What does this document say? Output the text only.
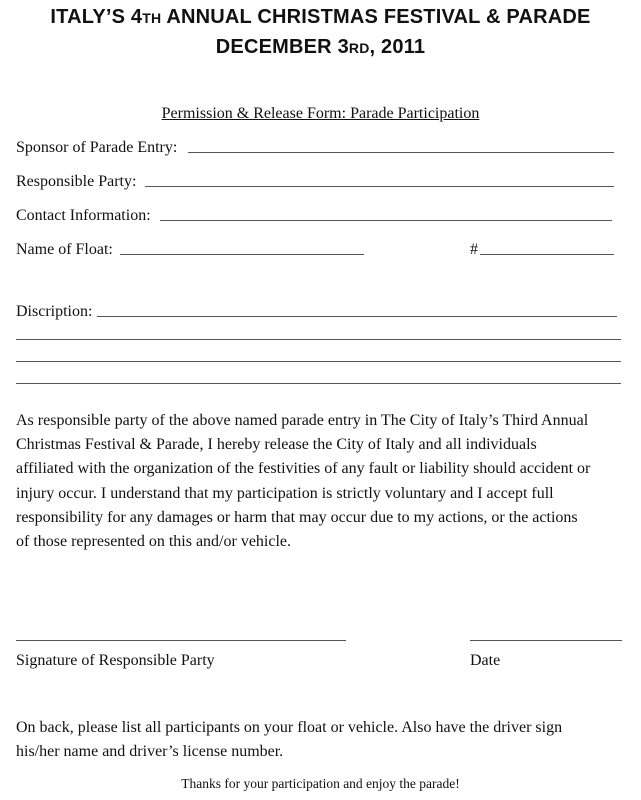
ITALY’S 4TH ANNUAL CHRISTMAS FESTIVAL & PARADE
DECEMBER 3RD, 2011
Permission & Release Form: Parade Participation
Sponsor of Parade Entry:
Responsible Party:
Contact Information:
Name of Float:	#
Discription:
As responsible party of the above named parade entry in The City of Italy’s Third Annual
Christmas Festival & Parade, I hereby release the City of Italy and all individuals
affiliated with the organization of the festivities of any fault or liability should accident or
injury occur. I understand that my participation is strictly voluntary and I accept full
responsibility for any damages or harm that may occur due to my actions, or the actions
of those represented on this and/or vehicle.
Signature of Responsible Party	Date
On back, please list all participants on your float or vehicle. Also have the driver sign
his/her name and driver’s license number.
Thanks for your participation and enjoy the parade!
